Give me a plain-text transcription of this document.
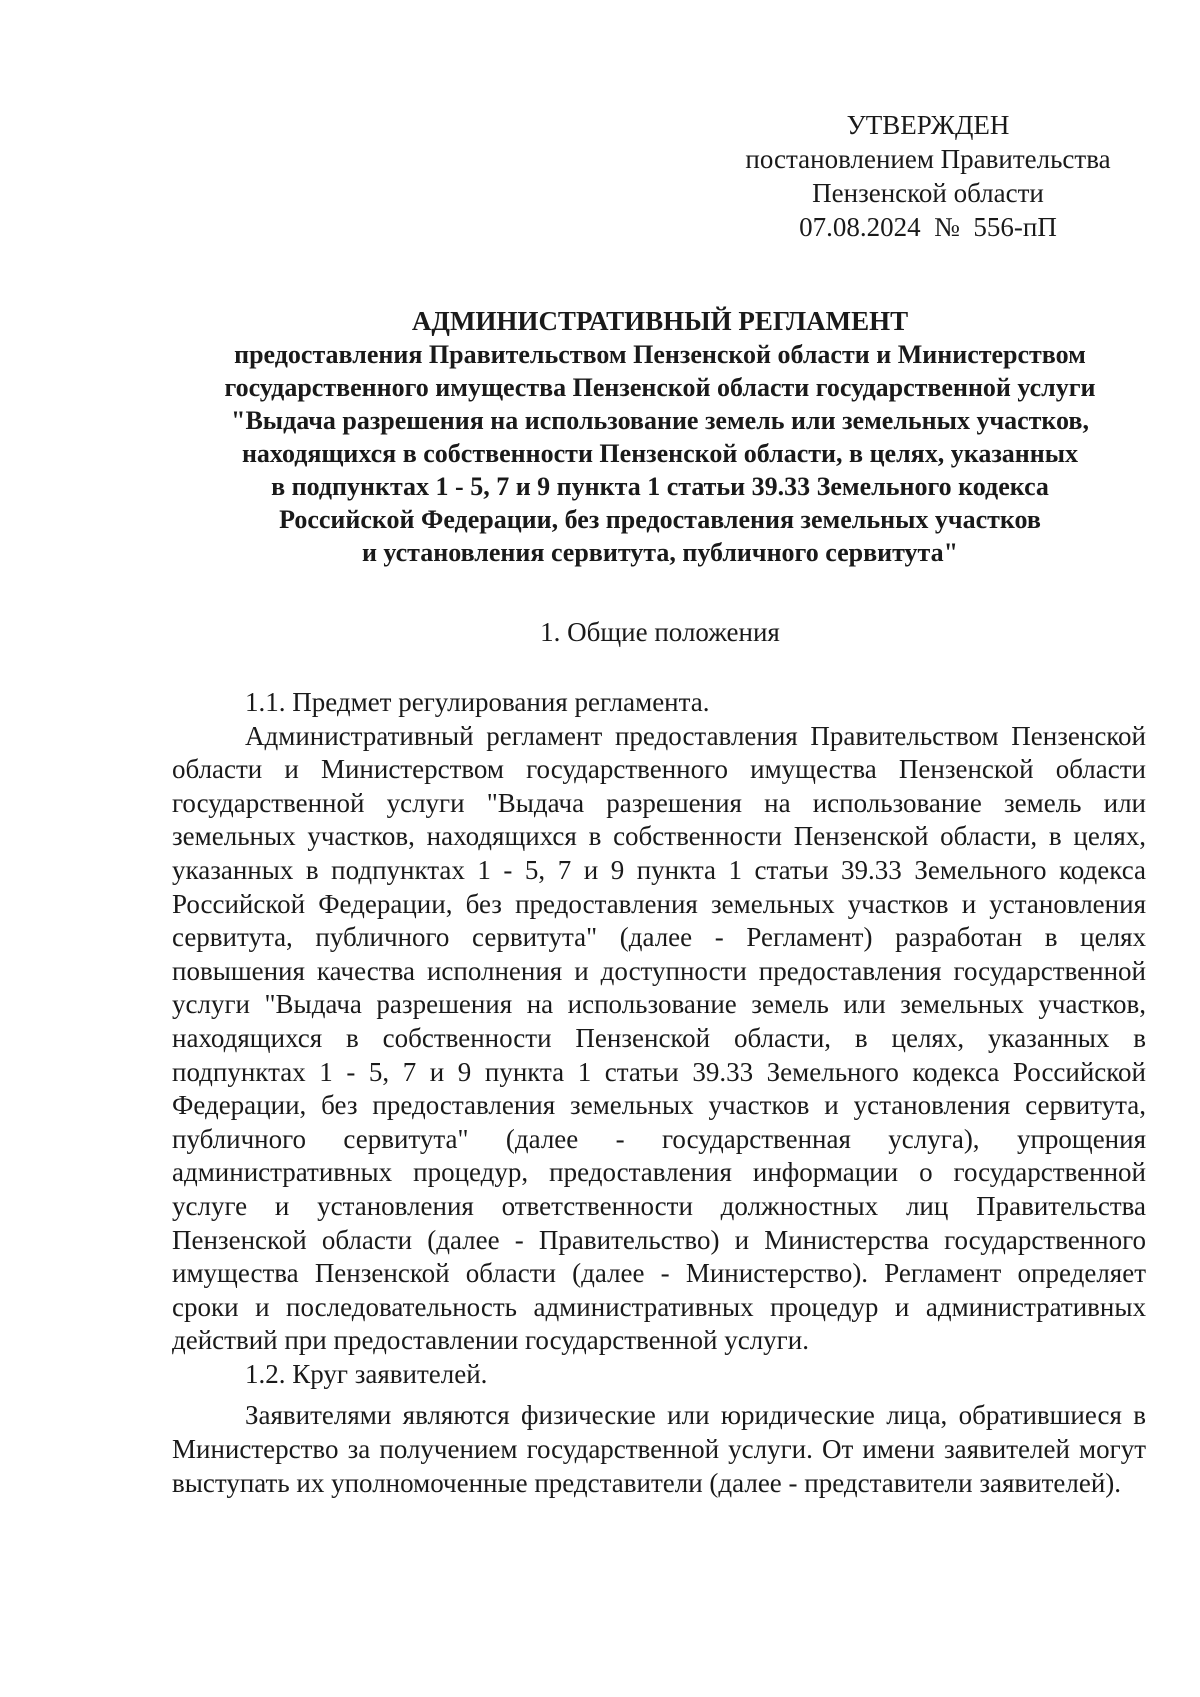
УТВЕРЖДЕН
постановлением Правительства
Пензенской области
07.08.2024  №  556-пП
АДМИНИСТРАТИВНЫЙ РЕГЛАМЕНТ
предоставления Правительством Пензенской области и Министерством
государственного имущества Пензенской области государственной услуги
"Выдача разрешения на использование земель или земельных участков,
находящихся в собственности Пензенской области, в целях, указанных
в подпунктах 1 - 5, 7 и 9 пункта 1 статьи 39.33 Земельного кодекса
Российской Федерации, без предоставления земельных участков
и установления сервитута, публичного сервитута"
1. Общие положения

1.1. Предмет регулирования регламента.

Административный регламент предоставления Правительством Пензенской области и Министерством государственного имущества Пензенской области государственной услуги "Выдача разрешения на использование земель или земельных участков, находящихся в собственности Пензенской области, в целях, указанных в подпунктах 1 - 5, 7 и 9 пункта 1 статьи 39.33 Земельного кодекса Российской Федерации, без предоставления земельных участков и установления сервитута, публичного сервитута" (далее - Регламент) разработан в целях повышения качества исполнения и доступности предоставления государственной услуги "Выдача разрешения на использование земель или земельных участков, находящихся в собственности Пензенской области, в целях, указанных в подпунктах 1 - 5, 7 и 9 пункта 1 статьи 39.33 Земельного кодекса Российской Федерации, без предоставления земельных участков и установления сервитута, публичного сервитута" (далее - государственная услуга), упрощения административных процедур, предоставления информации о государственной услуге и установления ответственности должностных лиц Правительства Пензенской области (далее - Правительство) и Министерства государственного имущества Пензенской области (далее - Министерство). Регламент определяет сроки и последовательность административных процедур и административных действий при предоставлении государственной услуги.

1.2. Круг заявителей.

Заявителями являются физические или юридические лица, обратившиеся в Министерство за получением государственной услуги. От имени заявителей могут выступать их уполномоченные представители (далее - представители заявителей).
